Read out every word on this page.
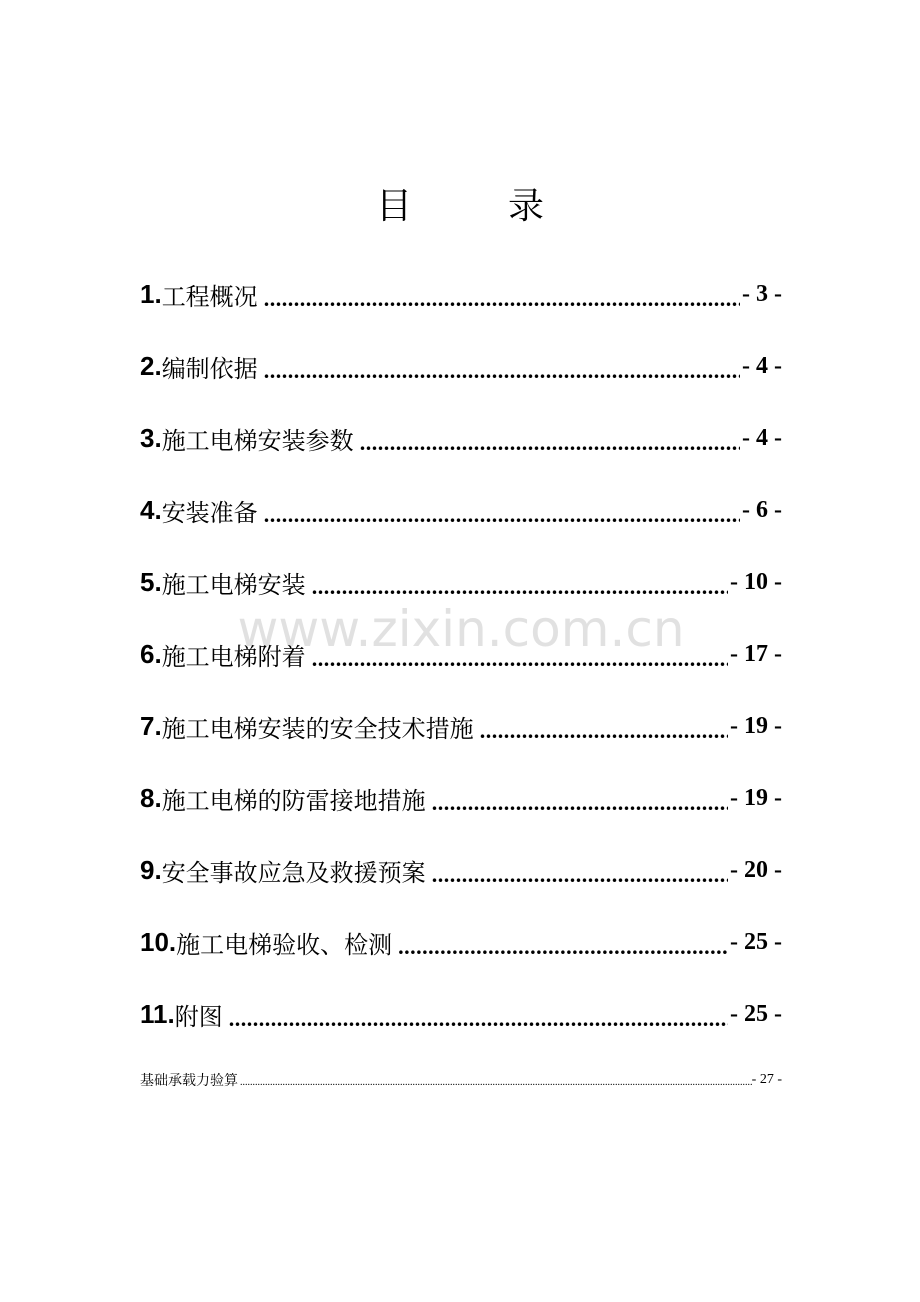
目	录
www.zixin.com.cn
1. 工程概况 .....	- 3 -
2. 编制依据 .....	- 4 -
3. 施工电梯安装参数 .....	- 4 -
4. 安装准备 .....	- 6 -
5. 施工电梯安装 .....	- 10 -
6. 施工电梯附着 .....	- 17 -
7. 施工电梯安装的安全技术措施 .....	- 19 -
8. 施工电梯的防雷接地措施 .....	- 19 -
9. 安全事故应急及救援预案 .....	- 20 -
10. 施工电梯验收、检测 .....	- 25 -
11. 附图 .....	- 25 -
基础承载力验算 .....	- 27 -
